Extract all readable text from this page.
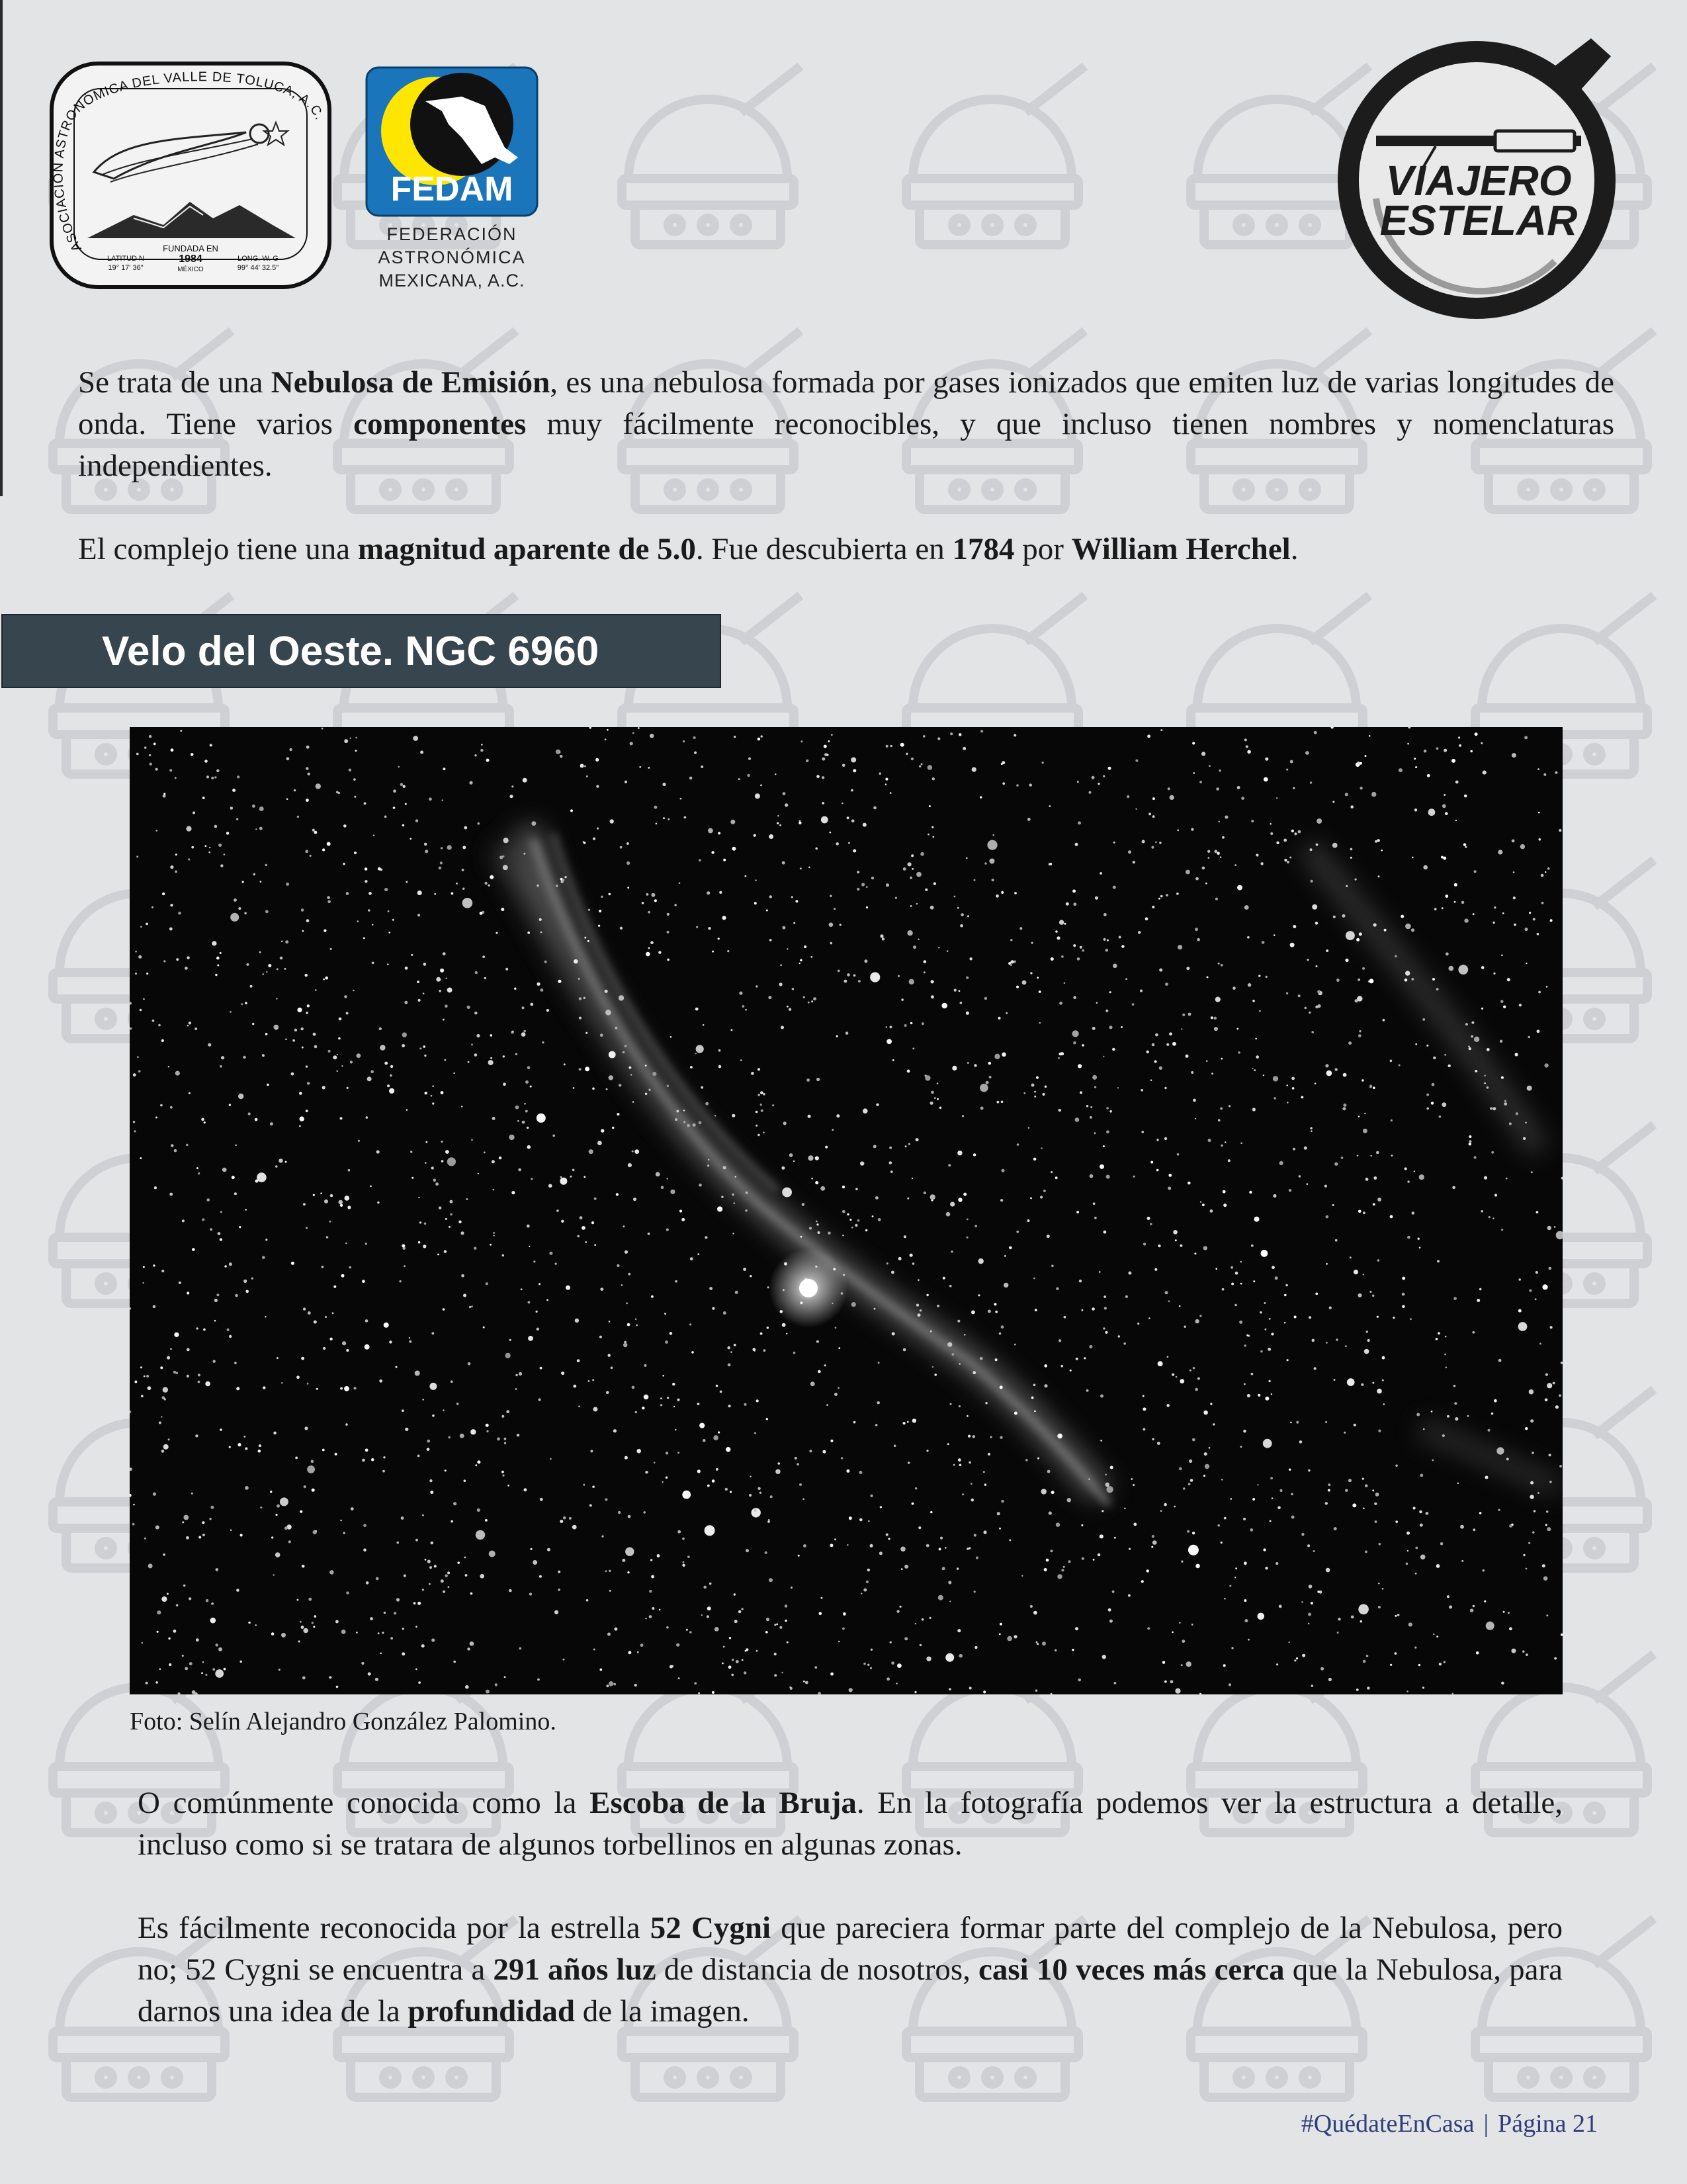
ASOCIACIÓN ASTRONÓMICA DEL VALLE DE TOLUCA, A.C.
FUNDADA EN
1984
MÉXICO
LATITUD N
19° 17' 36"
LONG. W. G
99° 44' 32.5"
FEDAM
FEDERACIÓN
ASTRONÓMICA
MEXICANA, A.C.
VIAJERO
ESTELAR

Se trata de una Nebulosa de Emisión, es una nebulosa formada por gases ionizados que emiten luz de varias longitudes de onda. Tiene varios componentes muy fácilmente reconocibles, y que incluso tienen nombres y nomenclaturas independientes.

El complejo tiene una magnitud aparente de 5.0. Fue descubierta en 1784 por William Herchel.

Velo del Oeste. NGC 6960

Foto: Selín Alejandro González Palomino.

O comúnmente conocida como la Escoba de la Bruja. En la fotografía podemos ver la estructura a detalle, incluso como si se tratara de algunos torbellinos en algunas zonas.

Es fácilmente reconocida por la estrella 52 Cygni que pareciera formar parte del complejo de la Nebulosa, pero no; 52 Cygni se encuentra a 291 años luz de distancia de nosotros, casi 10 veces más cerca que la Nebulosa, para darnos una idea de la profundidad de la imagen.

#QuédateEnCasa | Página 21
